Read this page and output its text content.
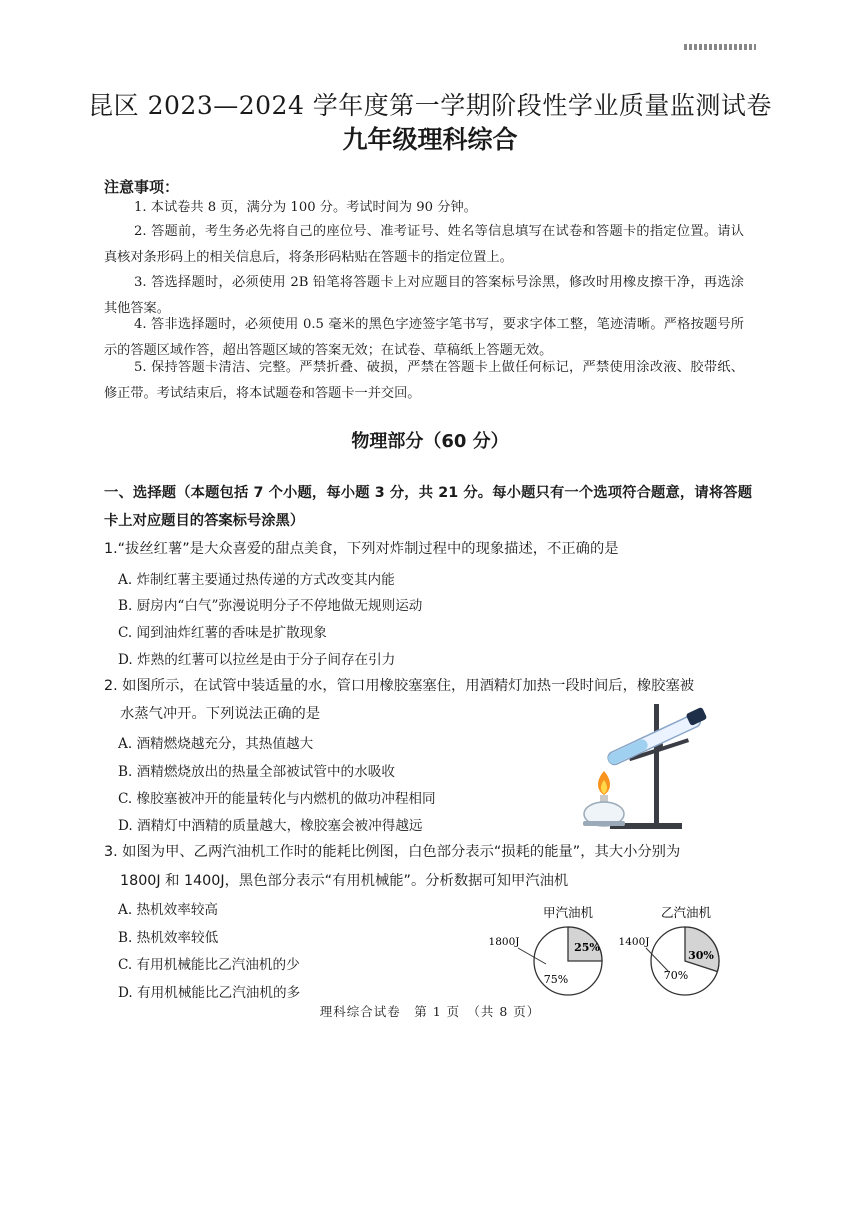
昆区 2023—2024 学年度第一学期阶段性学业质量监测试卷
九年级理科综合
注意事项：
1. 本试卷共 8 页，满分为 100 分。考试时间为 90 分钟。
2. 答题前，考生务必先将自己的座位号、准考证号、姓名等信息填写在试卷和答题卡的指定位置。请认真核对条形码上的相关信息后，将条形码粘贴在答题卡的指定位置上。
3. 答选择题时，必须使用 2B 铅笔将答题卡上对应题目的答案标号涂黑，修改时用橡皮擦干净，再选涂其他答案。
4. 答非选择题时，必须使用 0.5 毫米的黑色字迹签字笔书写，要求字体工整，笔迹清晰。严格按题号所示的答题区域作答，超出答题区域的答案无效；在试卷、草稿纸上答题无效。
5. 保持答题卡清洁、完整。严禁折叠、破损，严禁在答题卡上做任何标记，严禁使用涂改液、胶带纸、修正带。考试结束后，将本试题卷和答题卡一并交回。
物理部分（60 分）
一、选择题（本题包括 7 个小题，每小题 3 分，共 21 分。每小题只有一个选项符合题意，请将答题卡上对应题目的答案标号涂黑）
1.“拔丝红薯”是大众喜爱的甜点美食，下列对炸制过程中的现象描述，不正确的是
A. 炸制红薯主要通过热传递的方式改变其内能
B. 厨房内“白气”弥漫说明分子不停地做无规则运动
C. 闻到油炸红薯的香味是扩散现象
D. 炸熟的红薯可以拉丝是由于分子间存在引力
2. 如图所示，在试管中装适量的水，管口用橡胶塞塞住，用酒精灯加热一段时间后，橡胶塞被
水蒸气冲开。下列说法正确的是
A. 酒精燃烧越充分，其热值越大
B. 酒精燃烧放出的热量全部被试管中的水吸收
C. 橡胶塞被冲开的能量转化与内燃机的做功冲程相同
D. 酒精灯中酒精的质量越大，橡胶塞会被冲得越远
3. 如图为甲、乙两汽油机工作时的能耗比例图，白色部分表示“损耗的能量”，其大小分别为
1800J 和 1400J，黑色部分表示“有用机械能”。分析数据可知甲汽油机
A. 热机效率较高
B. 热机效率较低
C. 有用机械能比乙汽油机的少
D. 有用机械能比乙汽油机的多
甲汽油机
25%
75%
1800J
乙汽油机
30%
70%
1400J
理科综合试卷　第 1 页　（共 8 页）
